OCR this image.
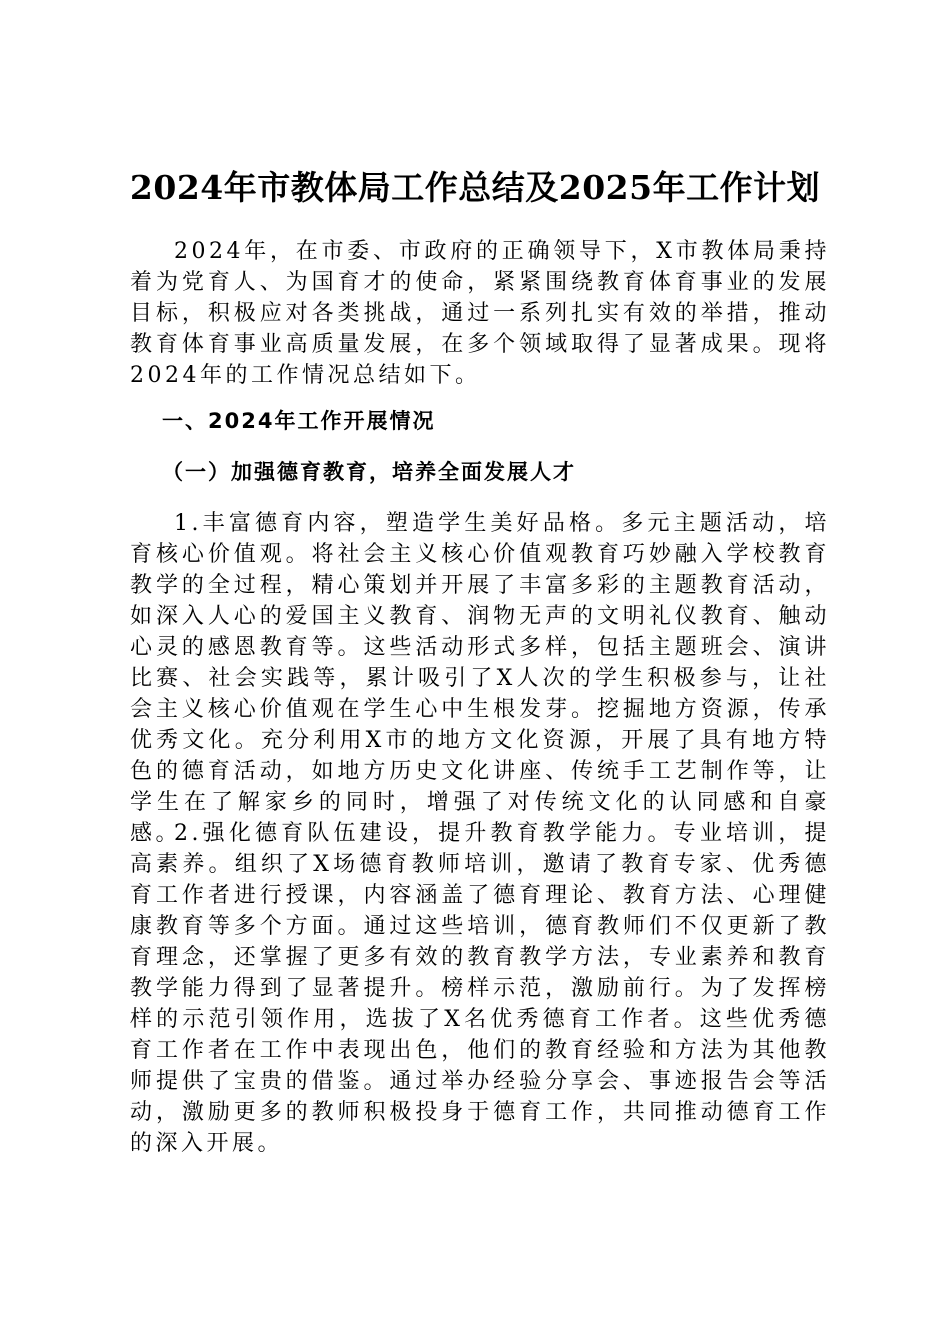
2024年市教体局工作总结及2025年工作计划

2024年，在市委、市政府的正确领导下，X市教体局秉持着为党育人、为国育才的使命，紧紧围绕教育体育事业的发展目标，积极应对各类挑战，通过一系列扎实有效的举措，推动教育体育事业高质量发展，在多个领域取得了显著成果。现将2024年的工作情况总结如下。

一、2024年工作开展情况
（一）加强德育教育，培养全面发展人才

1.丰富德育内容，塑造学生美好品格。多元主题活动，培育核心价值观。将社会主义核心价值观教育巧妙融入学校教育教学的全过程，精心策划并开展了丰富多彩的主题教育活动，如深入人心的爱国主义教育、润物无声的文明礼仪教育、触动心灵的感恩教育等。这些活动形式多样，包括主题班会、演讲比赛、社会实践等，累计吸引了X人次的学生积极参与，让社会主义核心价值观在学生心中生根发芽。挖掘地方资源，传承优秀文化。充分利用X市的地方文化资源，开展了具有地方特色的德育活动，如地方历史文化讲座、传统手工艺制作等，让学生在了解家乡的同时，增强了对传统文化的认同感和自豪感。

2.强化德育队伍建设，提升教育教学能力。专业培训，提高素养。组织了X场德育教师培训，邀请了教育专家、优秀德育工作者进行授课，内容涵盖了德育理论、教育方法、心理健康教育等多个方面。通过这些培训，德育教师们不仅更新了教育理念，还掌握了更多有效的教育教学方法，专业素养和教育教学能力得到了显著提升。榜样示范，激励前行。为了发挥榜样的示范引领作用，选拔了X名优秀德育工作者。这些优秀德育工作者在工作中表现出色，他们的教育经验和方法为其他教师提供了宝贵的借鉴。通过举办经验分享会、事迹报告会等活动，激励更多的教师积极投身于德育工作，共同推动德育工作的深入开展。
